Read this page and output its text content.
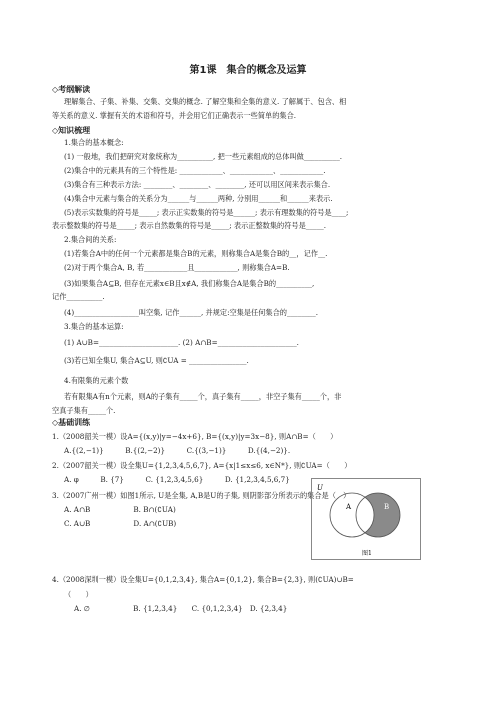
第1课　集合的概念及运算
◇考纲解读
理解集合、子集、补集、交集、交集的概念. 了解空集和全集的意义. 了解属于、包含、相
等关系的意义. 掌握有关的术语和符号，并会用它们正确表示一些简单的集合.
◇知识梳理
1.集合的基本概念:
(1) 一般地，我们把研究对象统称为__________, 把一些元素组成的总体叫做__________.
(2)集合中的元素具有的三个特性是: ____________、____________、____________.
(3)集合有三种表示方法: ________、________、________, 还可以用区间来表示集合.
(4)集合中元素与集合的关系分为______与______两种, 分别用______和______来表示.
(5)表示实数集的符号是_____; 表示正实数集的符号是______; 表示有理数集的符号是____;
表示整数集的符号是_____; 表示自然数集的符号是_____; 表示正整数集的符号是_____.
2.集合间的关系:
(1)若集合A中的任何一个元素都是集合B的元素，则称集合A是集合B的__，记作__.
(2)对于两个集合A, B, 若____________且____________, 则称集合A=B.
(3)如果集合A⊆B, 但存在元素x∈B且x∉A, 我们称集合A是集合B的__________,
记作__________.
(4)__________________叫空集, 记作______, 并规定:空集是任何集合的________.
3.集合的基本运算:
(1) A∪B=______________________. (2) A∩B=______________________.
(3)若已知全集U, 集合A⊆U, 则∁UA = ________________.
4.有限集的元素个数
若有限集A有n个元素，则A的子集有_____个，真子集有_____，非空子集有_____个，非
空真子集有_____个.
◇基础训练
1.（2008韶关一模）设A={(x,y)|y=−4x+6}, B={(x,y)|y=3x−8}, 则A∩B=（　　）
A.{(2,−1)}　　　B.{(2,−2)}　　　C.{(3,−1)}　　　D.{(4,−2)}.
2.（2007韶关一模）设全集U={1,2,3,4,5,6,7}, A={x|1≤x≤6, x∈N*}, 则∁UA=（　　）
A. φ　　　B. {7}　　　C. {1,2,3,4,5,6}　　　D. {1,2,3,4,5,6,7}
3.（2007广州一模）如图1所示, U是全集, A,B是U的子集, 则阴影部分所表示的集合是（　）
A. A∩B　　　　　　B. B∩(∁UA)
C. A∪B　　　　　　D. A∩(∁UB)
U
A	B
图1
4.（2008深圳一模）设全集U={0,1,2,3,4}, 集合A={0,1,2}, 集合B={2,3}, 则(∁UA)∪B=
（　　）
A. ∅　　　　　　B. {1,2,3,4}　　C. {0,1,2,3,4}　D. {2,3,4}
